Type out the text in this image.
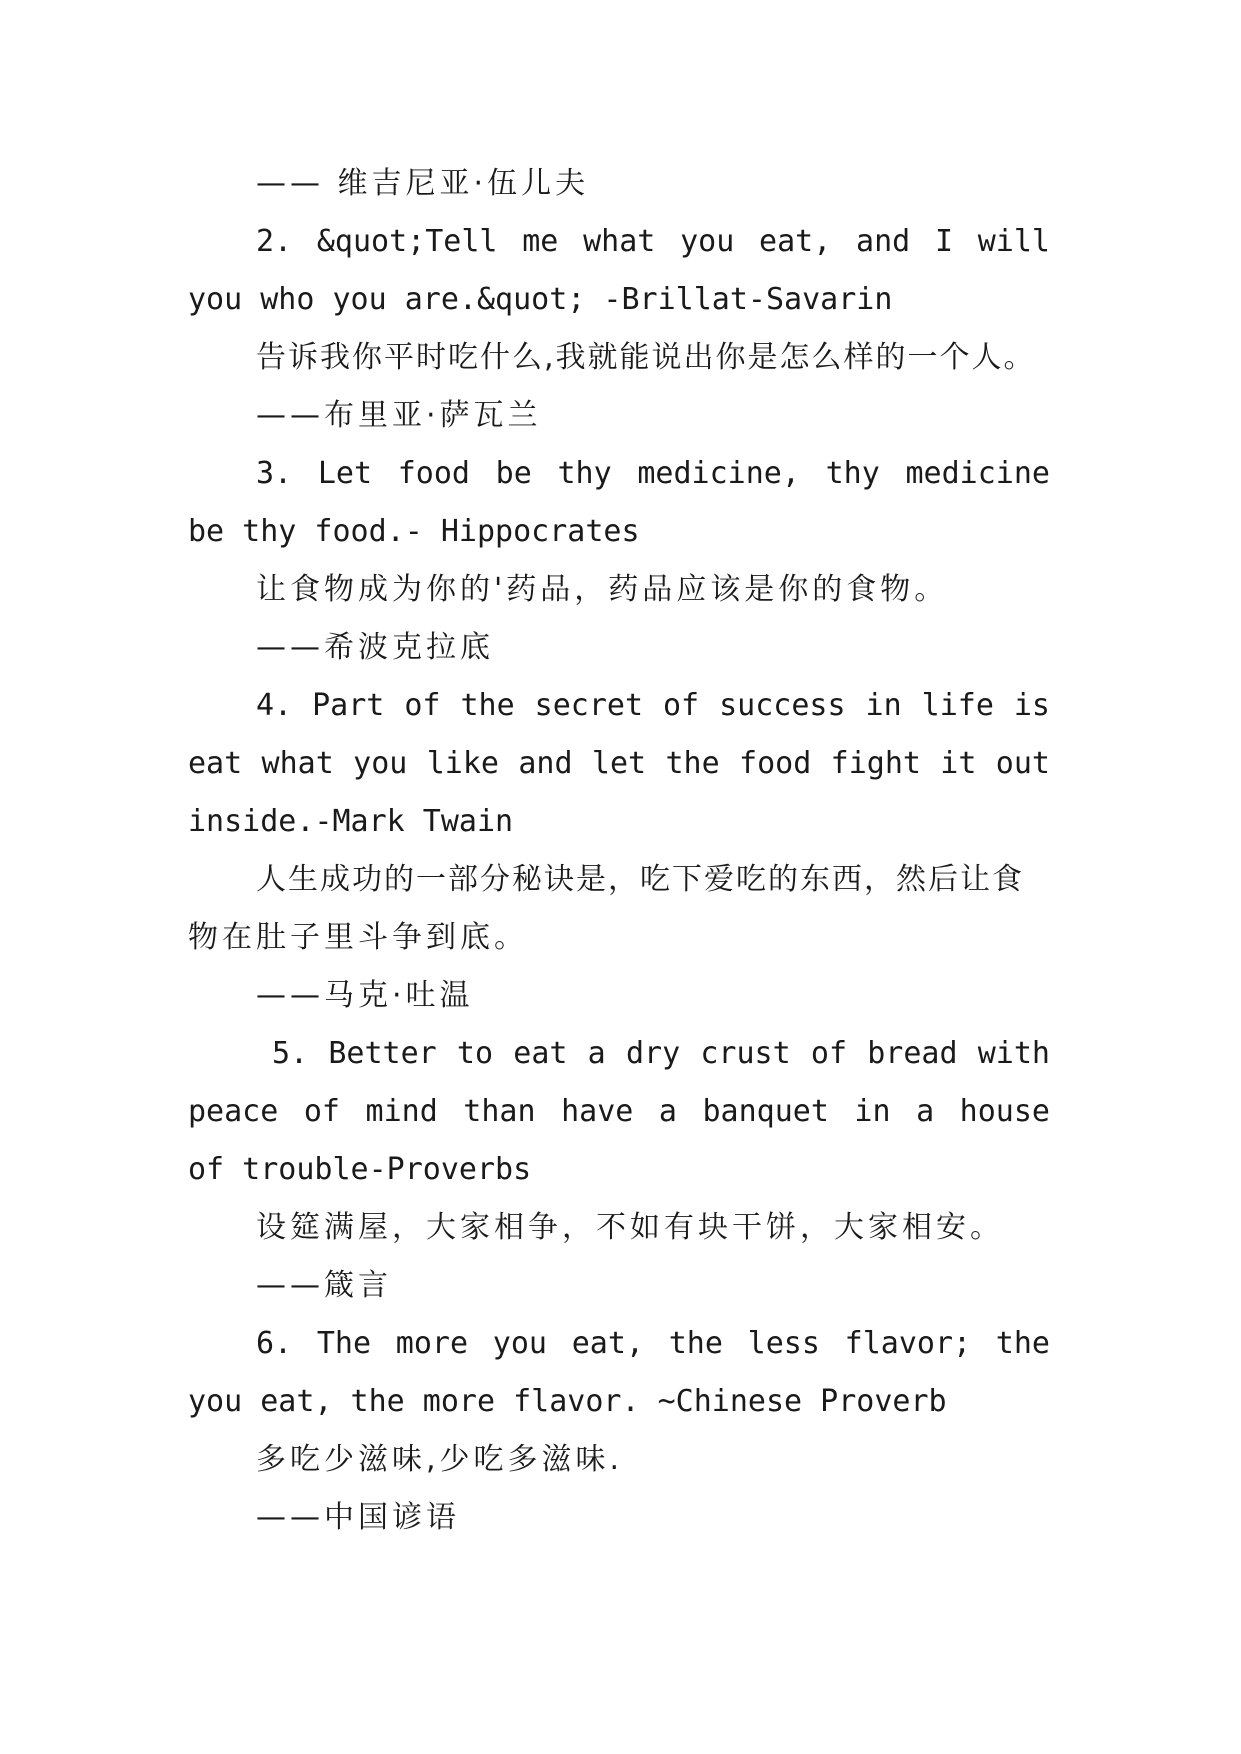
—— 维吉尼亚·伍儿夫
2. &quot;Tell me what you eat, and I will
you who you are.&quot; -Brillat-Savarin
告诉我你平时吃什么,我就能说出你是怎么样的一个人。
——布里亚·萨瓦兰
3. Let food be thy medicine, thy medicine
be thy food.- Hippocrates
让食物成为你的'药品，药品应该是你的食物。
——希波克拉底
4. Part of the secret of success in life is
eat what you like and let the food fight it out
inside.-Mark Twain
人生成功的一部分秘诀是，吃下爱吃的东西，然后让食
物在肚子里斗争到底。
——马克·吐温
5. Better to eat a dry crust of bread with
peace of mind than have a banquet in a house
of trouble-Proverbs
设筵满屋，大家相争，不如有块干饼，大家相安。
——箴言
6. The more you eat, the less flavor; the
you eat, the more flavor. ~Chinese Proverb
多吃少滋味,少吃多滋味.
——中国谚语
